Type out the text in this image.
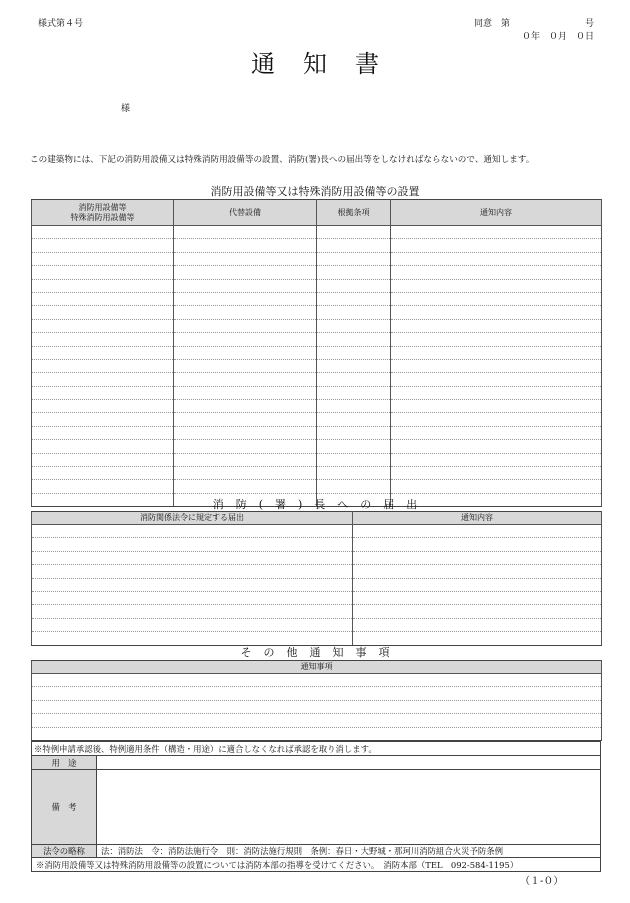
様式第４号	同意　第	号
０年　０月　０日
通知書
様
この建築物には、下記の消防用設備又は特殊消防用設備等の設置、消防(署)長への届出等をしなければならないので、通知します。
消防用設備等又は特殊消防用設備等の設置
消防用設備等
特殊消防用設備等	代替設備	根拠条項	通知内容

消防(署)長への届出
消防関係法令に規定する届出	通知内容

その他通知事項
通知事項

※特例申請承認後、特例適用条件（構造・用途）に適合しなくなれば承認を取り消します。
用　途
備　考
法令の略称	法：消防法　令：消防法施行令　則：消防法施行規則　条例：春日・大野城・那珂川消防組合火災予防条例
※消防用設備等又は特殊消防用設備等の設置については消防本部の指導を受けてください。　消防本部（TEL　092-584-1195）
（１-０）
